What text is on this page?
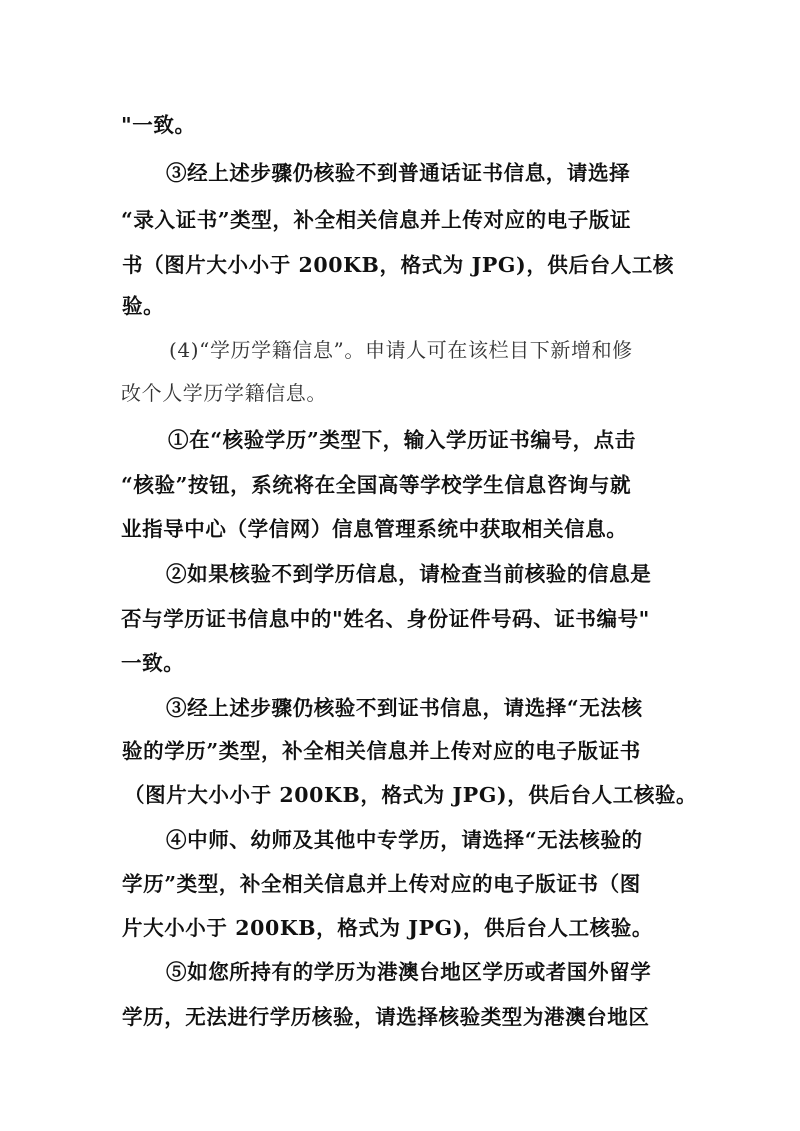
"一致。
③经上述步骤仍核验不到普通话证书信息，请选择
“录入证书”类型，补全相关信息并上传对应的电子版证
书（图片大小小于 200KB，格式为 JPG)，供后台人工核
验。
(4)“学历学籍信息”。申请人可在该栏目下新增和修
改个人学历学籍信息。
①在“核验学历”类型下，输入学历证书编号，点击
“核验”按钮，系统将在全国高等学校学生信息咨询与就
业指导中心（学信网）信息管理系统中获取相关信息。
②如果核验不到学历信息，请检查当前核验的信息是
否与学历证书信息中的"姓名、身份证件号码、证书编号"
一致。
③经上述步骤仍核验不到证书信息，请选择“无法核
验的学历”类型，补全相关信息并上传对应的电子版证书
（图片大小小于 200KB，格式为 JPG)，供后台人工核验。
④中师、幼师及其他中专学历，请选择“无法核验的
学历”类型，补全相关信息并上传对应的电子版证书（图
片大小小于 200KB，格式为 JPG)，供后台人工核验。
⑤如您所持有的学历为港澳台地区学历或者国外留学
学历，无法进行学历核验，请选择核验类型为港澳台地区
